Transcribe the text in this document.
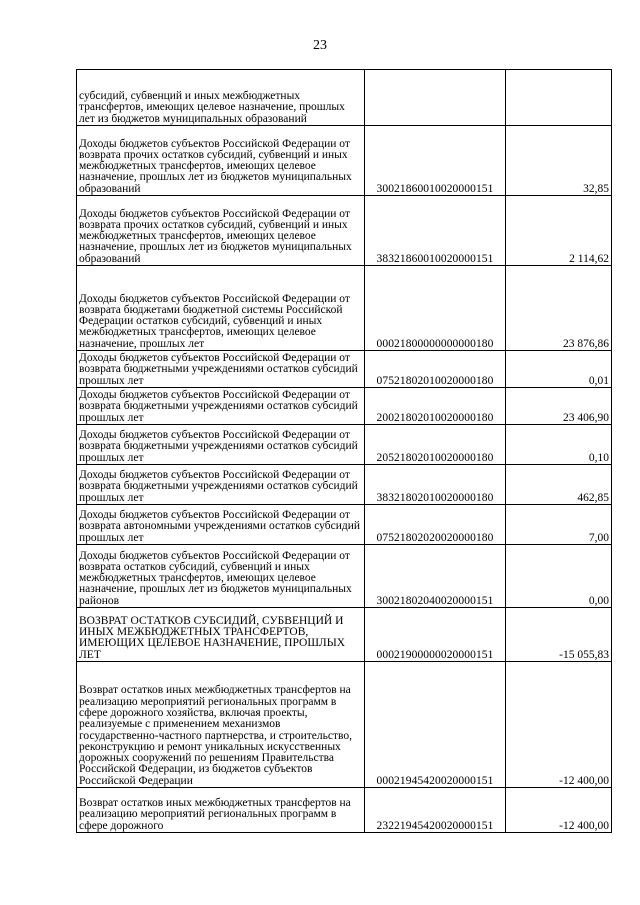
23
субсидий, субвенций и иных межбюджетных трансфертов, имеющих целевое назначение, прошлых лет из бюджетов муниципальных образований		
Доходы бюджетов субъектов Российской Федерации от возврата прочих остатков субсидий, субвенций и иных межбюджетных трансфертов, имеющих целевое назначение, прошлых лет из бюджетов муниципальных образований	30021860010020000151	32,85
Доходы бюджетов субъектов Российской Федерации от возврата прочих остатков субсидий, субвенций и иных межбюджетных трансфертов, имеющих целевое назначение, прошлых лет из бюджетов муниципальных образований	38321860010020000151	2 114,62
Доходы бюджетов субъектов Российской Федерации от возврата бюджетами бюджетной системы Российской Федерации остатков субсидий, субвенций и иных межбюджетных трансфертов, имеющих целевое назначение, прошлых лет	00021800000000000180	23 876,86
Доходы бюджетов субъектов Российской Федерации от возврата бюджетными учреждениями остатков субсидий прошлых лет	07521802010020000180	0,01
Доходы бюджетов субъектов Российской Федерации от возврата бюджетными учреждениями остатков субсидий прошлых лет	20021802010020000180	23 406,90
Доходы бюджетов субъектов Российской Федерации от возврата бюджетными учреждениями остатков субсидий прошлых лет	20521802010020000180	0,10
Доходы бюджетов субъектов Российской Федерации от возврата бюджетными учреждениями остатков субсидий прошлых лет	38321802010020000180	462,85
Доходы бюджетов субъектов Российской Федерации от возврата автономными учреждениями остатков субсидий прошлых лет	07521802020020000180	7,00
Доходы бюджетов субъектов Российской Федерации от возврата остатков субсидий, субвенций и иных межбюджетных трансфертов, имеющих целевое назначение, прошлых лет из бюджетов муниципальных районов	30021802040020000151	0,00
ВОЗВРАТ ОСТАТКОВ СУБСИДИЙ, СУБВЕНЦИЙ И ИНЫХ МЕЖБЮДЖЕТНЫХ ТРАНСФЕРТОВ, ИМЕЮЩИХ ЦЕЛЕВОЕ НАЗНАЧЕНИЕ, ПРОШЛЫХ ЛЕТ	00021900000020000151	-15 055,83
Возврат остатков иных межбюджетных трансфертов на реализацию мероприятий региональных программ в сфере дорожного хозяйства, включая проекты, реализуемые с применением механизмов государственно-частного партнерства, и строительство, реконструкцию и ремонт уникальных искусственных дорожных сооружений по решениям Правительства Российской Федерации, из бюджетов субъектов Российской Федерации	00021945420020000151	-12 400,00
Возврат остатков иных межбюджетных трансфертов на реализацию мероприятий региональных программ в сфере дорожного	23221945420020000151	-12 400,00
